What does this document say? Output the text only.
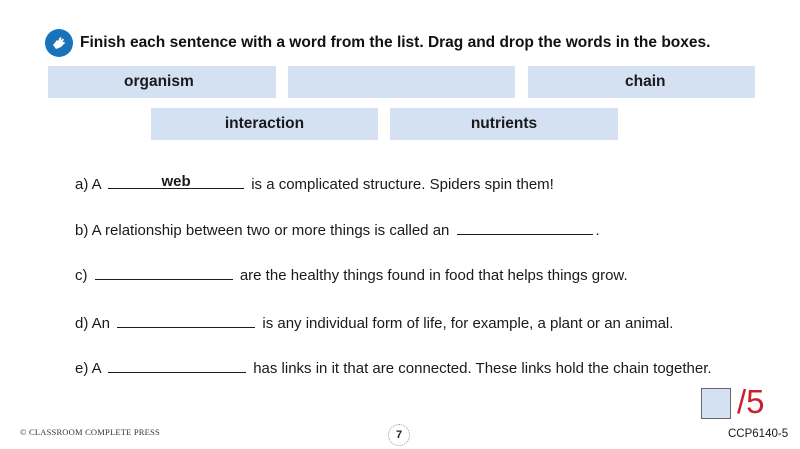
Finish each sentence with a word from the list. Drag and drop the words in the boxes.
organism	chain
interaction	nutrients
a) A	web	is a complicated structure. Spiders spin them!
b) A relationship between two or more things is called an	.
c)	are the healthy things found in food that helps things grow.
d) An	is any individual form of life, for example, a plant or an animal.
e) A	has links in it that are connected. These links hold the chain together.
© CLASSROOM COMPLETE PRESS	7
/5
CCP6140-5
